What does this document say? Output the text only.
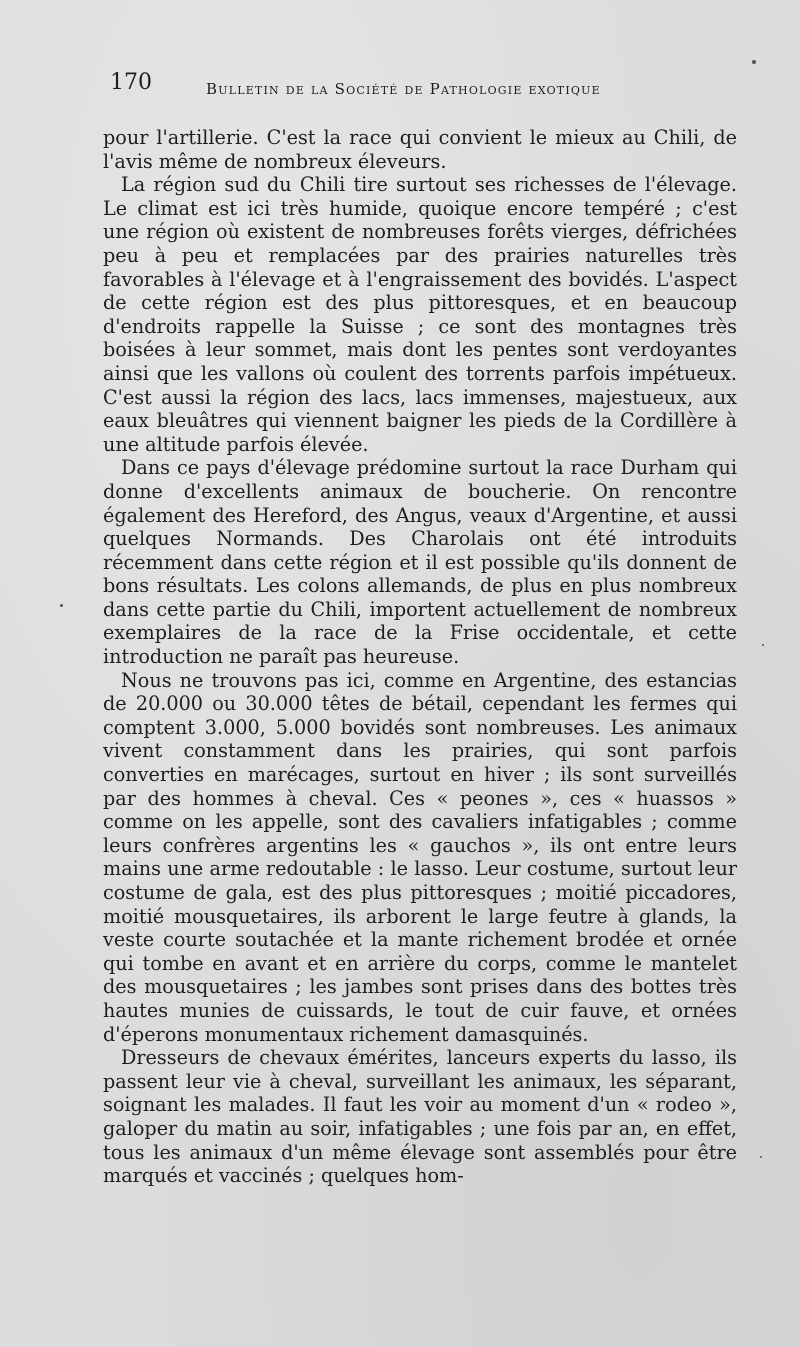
170	Bulletin de la Société de Pathologie exotique

pour l'artillerie. C'est la race qui convient le mieux au Chili, de l'avis même de nombreux éleveurs.

La région sud du Chili tire surtout ses richesses de l'élevage. Le climat est ici très humide, quoique encore tempéré ; c'est une région où existent de nombreuses forêts vierges, défrichées peu à peu et remplacées par des prairies naturelles très favorables à l'élevage et à l'engraissement des bovidés. L'aspect de cette région est des plus pittoresques, et en beaucoup d'endroits rappelle la Suisse ; ce sont des montagnes très boisées à leur sommet, mais dont les pentes sont verdoyantes ainsi que les vallons où coulent des torrents parfois impétueux. C'est aussi la région des lacs, lacs immenses, majestueux, aux eaux bleuâtres qui viennent baigner les pieds de la Cordillère à une altitude parfois élevée.

Dans ce pays d'élevage prédomine surtout la race Durham qui donne d'excellents animaux de boucherie. On rencontre également des Hereford, des Angus, veaux d'Argentine, et aussi quelques Normands. Des Charolais ont été introduits récemment dans cette région et il est possible qu'ils donnent de bons résultats. Les colons allemands, de plus en plus nombreux dans cette partie du Chili, importent actuellement de nombreux exemplaires de la race de la Frise occidentale, et cette introduction ne paraît pas heureuse.

Nous ne trouvons pas ici, comme en Argentine, des estancias de 20.000 ou 30.000 têtes de bétail, cependant les fermes qui comptent 3.000, 5.000 bovidés sont nombreuses. Les animaux vivent constamment dans les prairies, qui sont parfois converties en marécages, surtout en hiver ; ils sont surveillés par des hommes à cheval. Ces « peones », ces « huassos » comme on les appelle, sont des cavaliers infatigables ; comme leurs confrères argentins les « gauchos », ils ont entre leurs mains une arme redoutable : le lasso. Leur costume, surtout leur costume de gala, est des plus pittoresques ; moitié piccadores, moitié mousquetaires, ils arborent le large feutre à glands, la veste courte soutachée et la mante richement brodée et ornée qui tombe en avant et en arrière du corps, comme le mantelet des mousquetaires ; les jambes sont prises dans des bottes très hautes munies de cuissards, le tout de cuir fauve, et ornées d'éperons monumentaux richement damasquinés.

Dresseurs de chevaux émérites, lanceurs experts du lasso, ils passent leur vie à cheval, surveillant les animaux, les séparant, soignant les malades. Il faut les voir au moment d'un « rodeo », galoper du matin au soir, infatigables ; une fois par an, en effet, tous les animaux d'un même élevage sont assemblés pour être marqués et vaccinés ; quelques hom-
